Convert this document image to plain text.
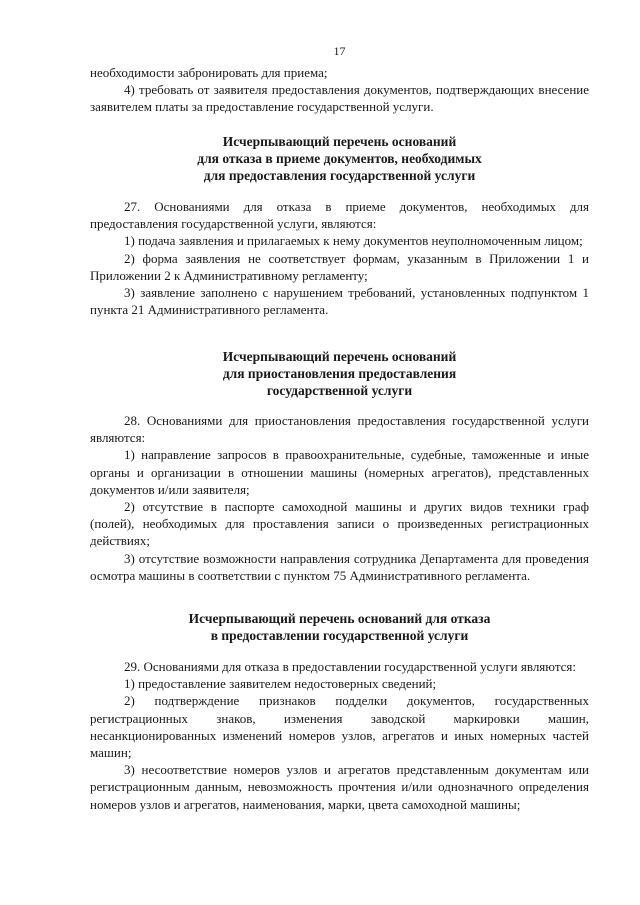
17

необходимости забронировать для приема;

4) требовать от заявителя предоставления документов, подтверждающих внесение заявителем платы за предоставление государственной услуги.

Исчерпывающий перечень оснований

для отказа в приеме документов, необходимых

для предоставления государственной услуги

27. Основаниями для отказа в приеме документов, необходимых для предоставления государственной услуги, являются:

1) подача заявления и прилагаемых к нему документов неуполномоченным лицом;

2) форма заявления не соответствует формам, указанным в Приложении 1 и Приложении 2 к Административному регламенту;

3) заявление заполнено с нарушением требований, установленных подпунктом 1 пункта 21 Административного регламента.

Исчерпывающий перечень оснований

для приостановления предоставления

государственной услуги

28. Основаниями для приостановления предоставления государственной услуги являются:

1) направление запросов в правоохранительные, судебные, таможенные и иные органы и организации в отношении машины (номерных агрегатов), представленных документов и/или заявителя;

2) отсутствие в паспорте самоходной машины и других видов техники граф (полей), необходимых для проставления записи о произведенных регистрационных действиях;

3) отсутствие возможности направления сотрудника Департамента для проведения осмотра машины в соответствии с пунктом 75 Административного регламента.

Исчерпывающий перечень оснований для отказа

в предоставлении государственной услуги

29. Основаниями для отказа в предоставлении государственной услуги являются:

1) предоставление заявителем недостоверных сведений;

2) подтверждение признаков подделки документов, государственных регистрационных знаков, изменения заводской маркировки машин, несанкционированных изменений номеров узлов, агрегатов и иных номерных частей машин;

3) несоответствие номеров узлов и агрегатов представленным документам или регистрационным данным, невозможность прочтения и/или однозначного определения номеров узлов и агрегатов, наименования, марки, цвета самоходной машины;
